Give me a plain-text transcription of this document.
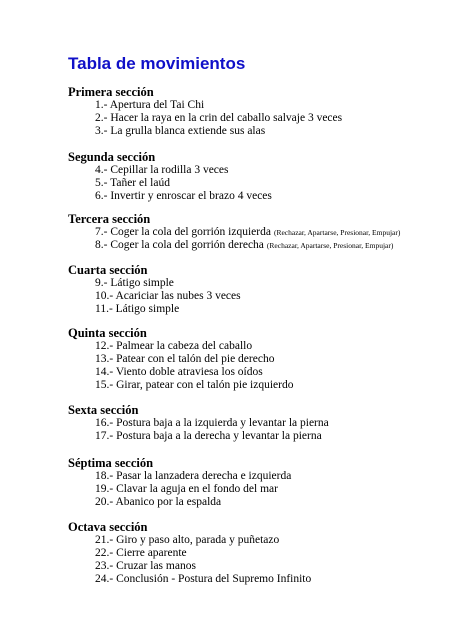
Tabla de movimientos
Primera sección
1.- Apertura del Tai Chi
2.- Hacer la raya en la crin del caballo salvaje 3 veces
3.- La grulla blanca extiende sus alas
Segunda sección
4.- Cepillar la rodilla 3 veces
5.- Tañer el laúd
6.- Invertir y enroscar el brazo 4 veces
Tercera sección
7.- Coger la cola del gorrión izquierda (Rechazar, Apartarse, Presionar, Empujar)
8.- Coger la cola del gorrión derecha (Rechazar, Apartarse, Presionar, Empujar)
Cuarta sección
9.- Látigo simple
10.- Acariciar las nubes 3 veces
11.- Látigo simple
Quinta sección
12.- Palmear la cabeza del caballo
13.- Patear con el talón del pie derecho
14.- Viento doble atraviesa los oídos
15.- Girar, patear con el talón pie izquierdo
Sexta sección
16.- Postura baja a la izquierda y levantar la pierna
17.- Postura baja a la derecha y levantar la pierna
Séptima sección
18.- Pasar la lanzadera derecha e izquierda
19.- Clavar la aguja en el fondo del mar
20.- Abanico por la espalda
Octava sección
21.- Giro y paso alto, parada y puñetazo
22.- Cierre aparente
23.- Cruzar las manos
24.- Conclusión - Postura del Supremo Infinito
